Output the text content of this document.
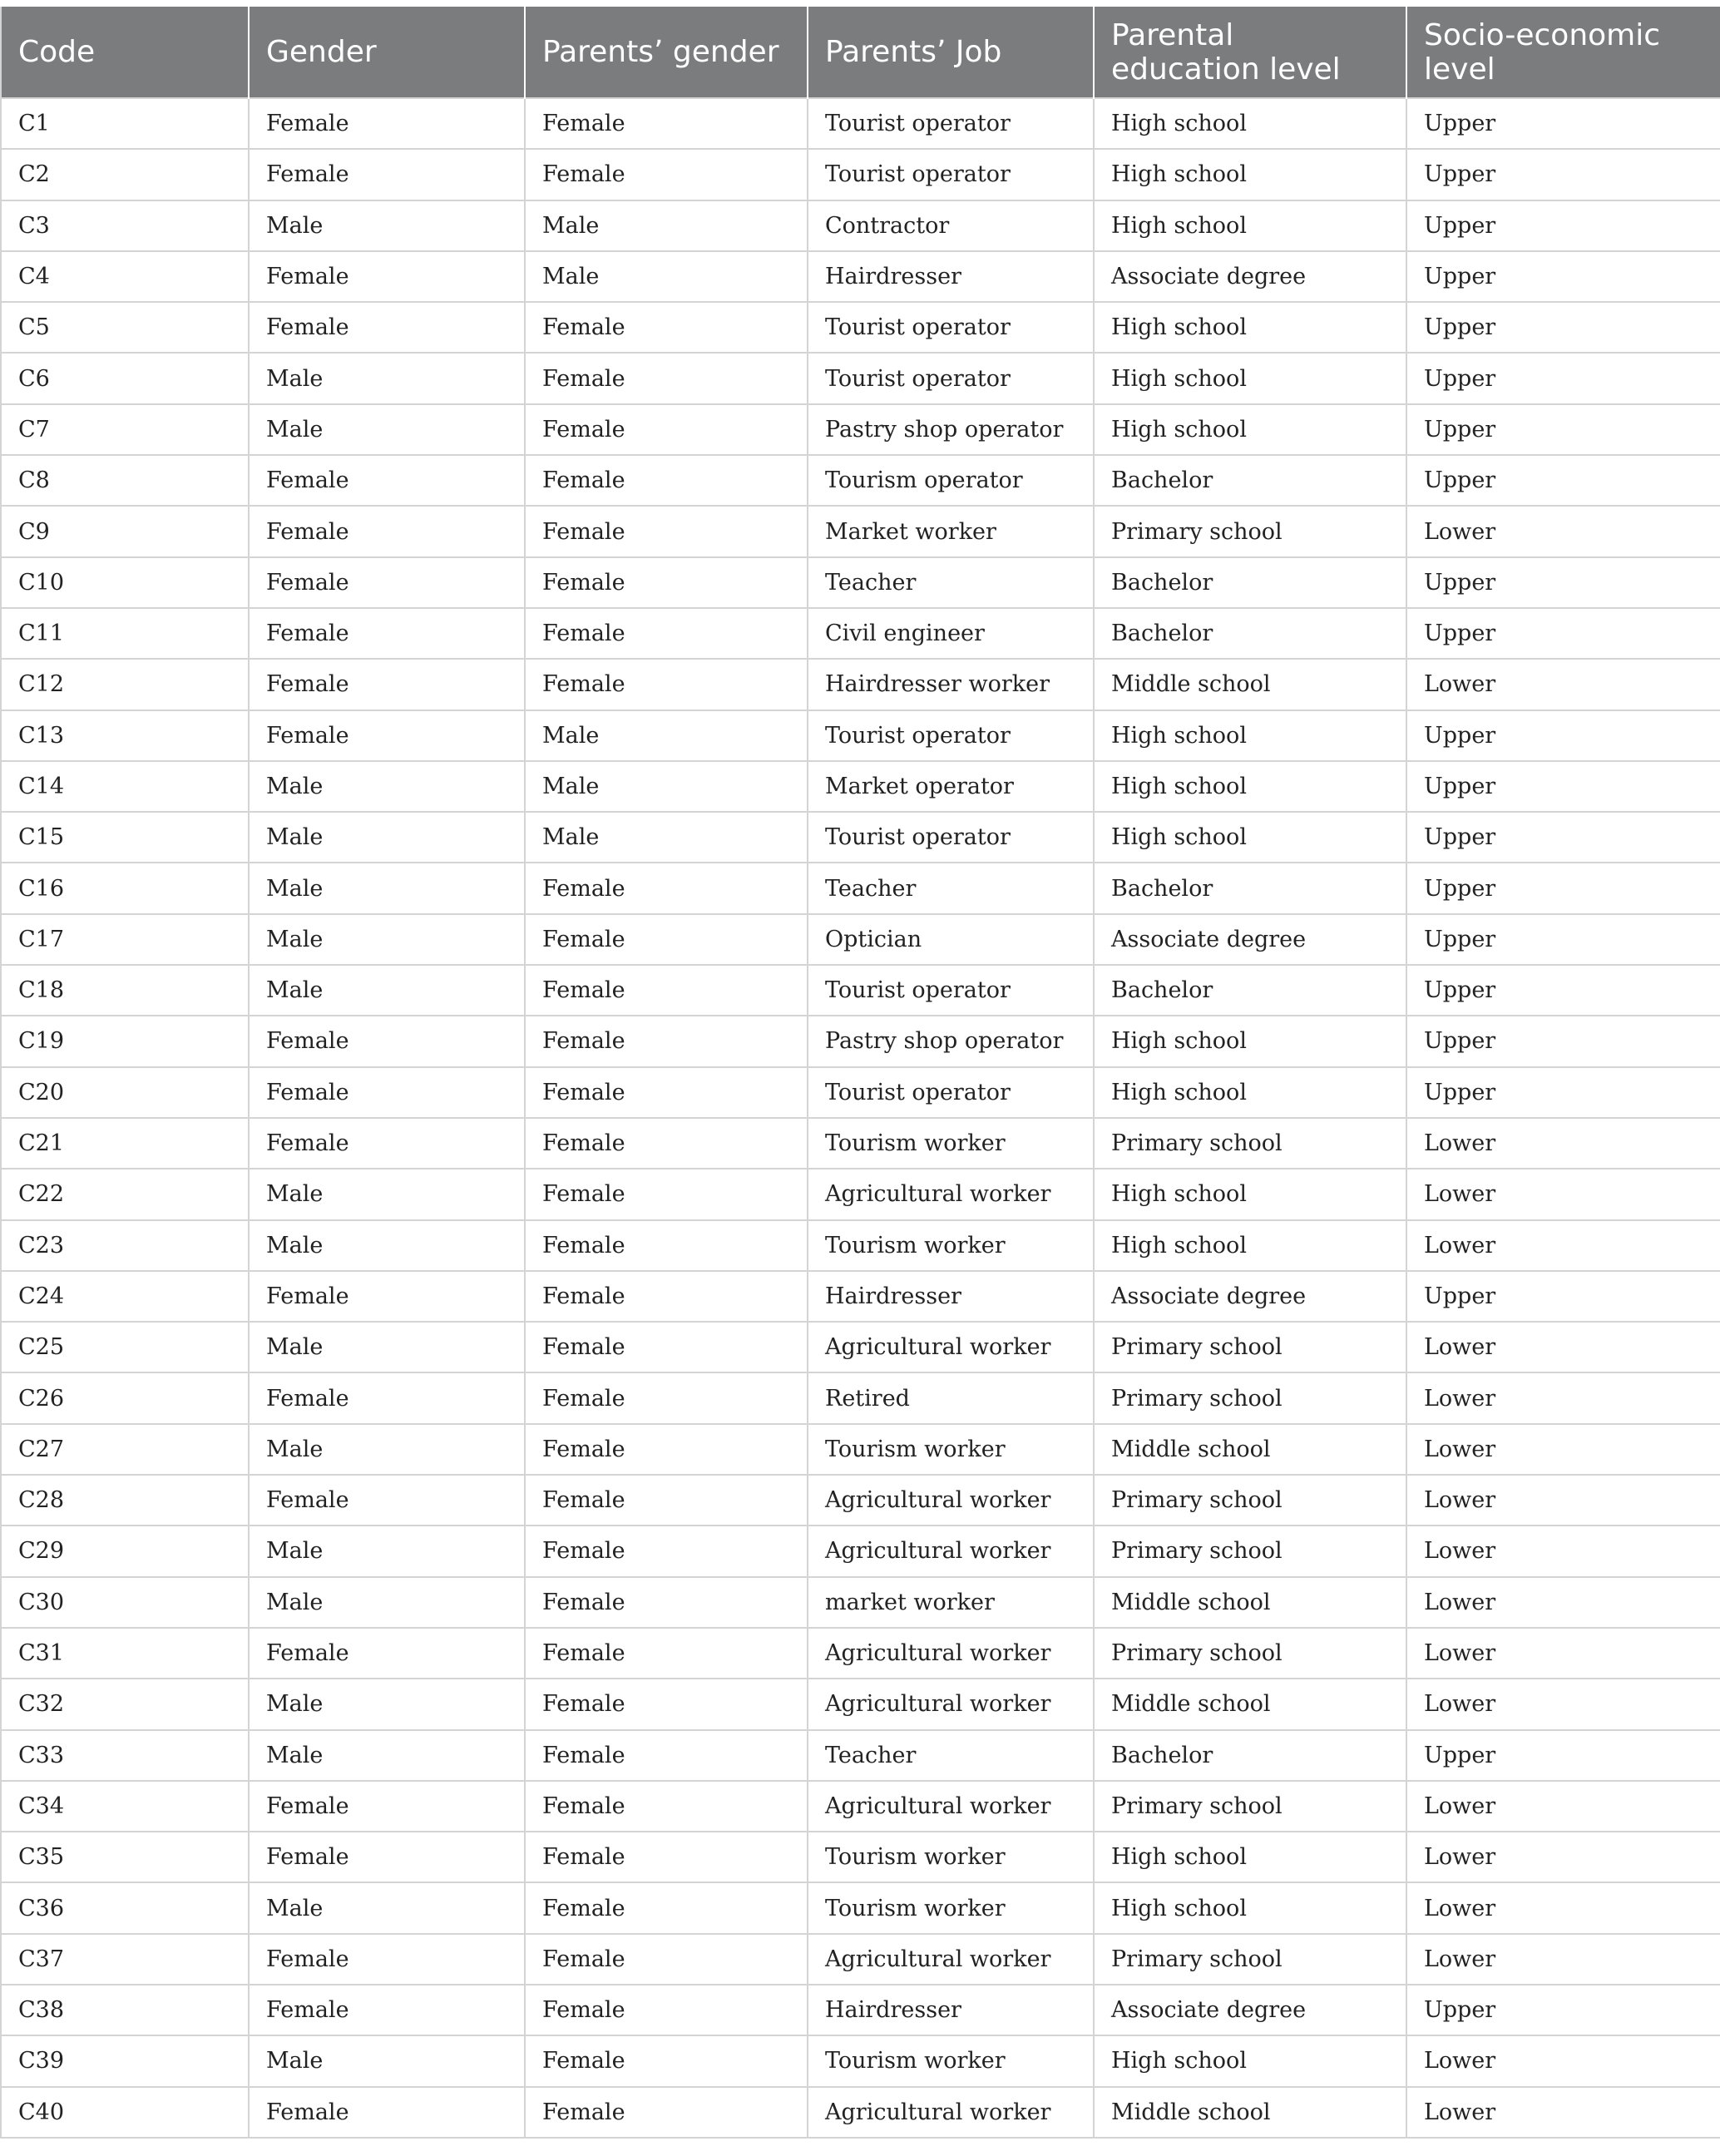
Code	Gender	Parents’ gender	Parents’ Job	Parental education level	Socio-economic level
C1	Female	Female	Tourist operator	High school	Upper
C2	Female	Female	Tourist operator	High school	Upper
C3	Male	Male	Contractor	High school	Upper
C4	Female	Male	Hairdresser	Associate degree	Upper
C5	Female	Female	Tourist operator	High school	Upper
C6	Male	Female	Tourist operator	High school	Upper
C7	Male	Female	Pastry shop operator	High school	Upper
C8	Female	Female	Tourism operator	Bachelor	Upper
C9	Female	Female	Market worker	Primary school	Lower
C10	Female	Female	Teacher	Bachelor	Upper
C11	Female	Female	Civil engineer	Bachelor	Upper
C12	Female	Female	Hairdresser worker	Middle school	Lower
C13	Female	Male	Tourist operator	High school	Upper
C14	Male	Male	Market operator	High school	Upper
C15	Male	Male	Tourist operator	High school	Upper
C16	Male	Female	Teacher	Bachelor	Upper
C17	Male	Female	Optician	Associate degree	Upper
C18	Male	Female	Tourist operator	Bachelor	Upper
C19	Female	Female	Pastry shop operator	High school	Upper
C20	Female	Female	Tourist operator	High school	Upper
C21	Female	Female	Tourism worker	Primary school	Lower
C22	Male	Female	Agricultural worker	High school	Lower
C23	Male	Female	Tourism worker	High school	Lower
C24	Female	Female	Hairdresser	Associate degree	Upper
C25	Male	Female	Agricultural worker	Primary school	Lower
C26	Female	Female	Retired	Primary school	Lower
C27	Male	Female	Tourism worker	Middle school	Lower
C28	Female	Female	Agricultural worker	Primary school	Lower
C29	Male	Female	Agricultural worker	Primary school	Lower
C30	Male	Female	market worker	Middle school	Lower
C31	Female	Female	Agricultural worker	Primary school	Lower
C32	Male	Female	Agricultural worker	Middle school	Lower
C33	Male	Female	Teacher	Bachelor	Upper
C34	Female	Female	Agricultural worker	Primary school	Lower
C35	Female	Female	Tourism worker	High school	Lower
C36	Male	Female	Tourism worker	High school	Lower
C37	Female	Female	Agricultural worker	Primary school	Lower
C38	Female	Female	Hairdresser	Associate degree	Upper
C39	Male	Female	Tourism worker	High school	Lower
C40	Female	Female	Agricultural worker	Middle school	Lower
